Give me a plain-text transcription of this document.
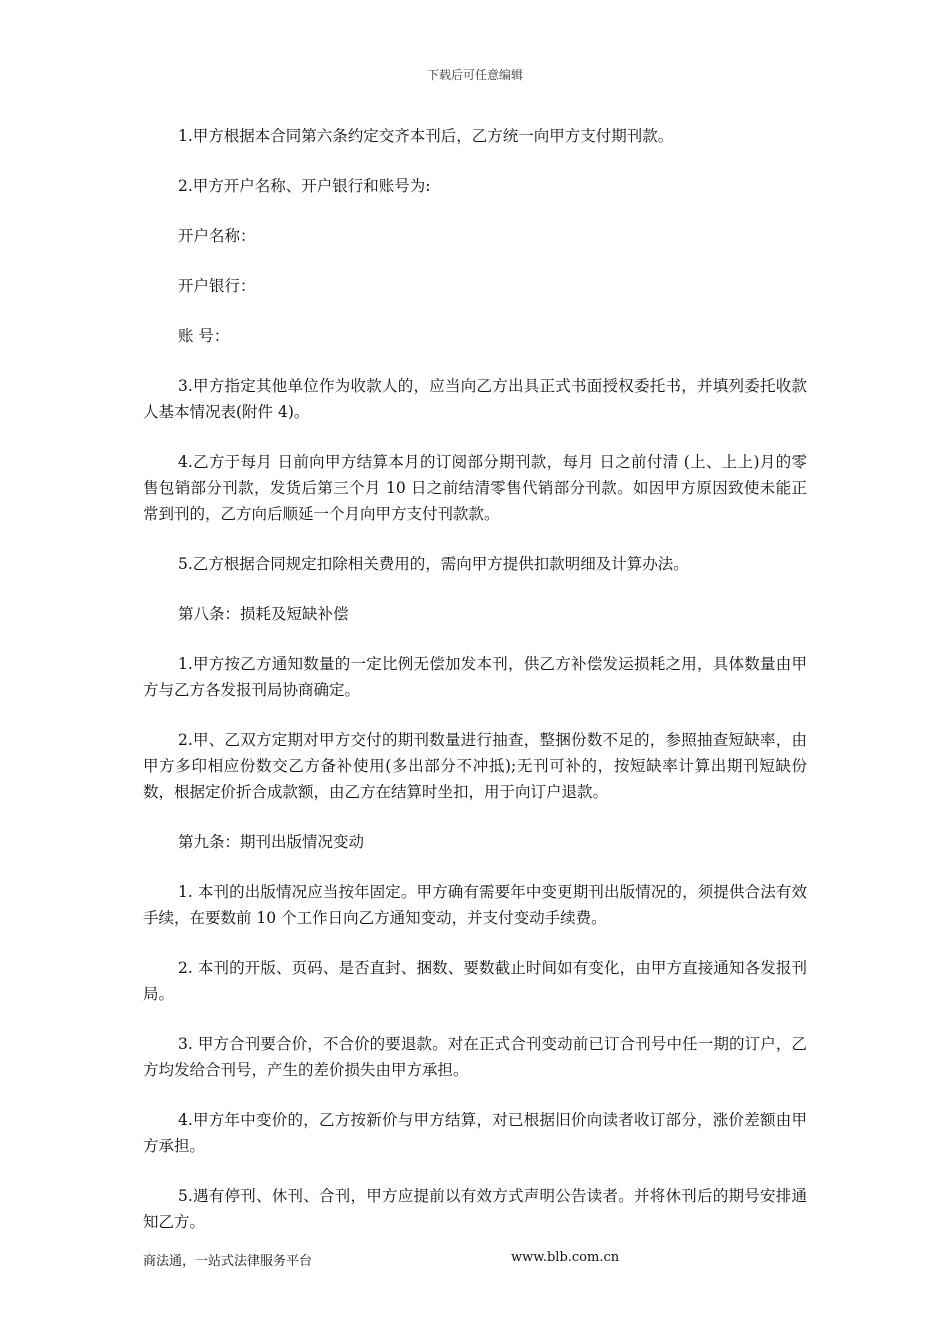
下载后可任意编辑

1.甲方根据本合同第六条约定交齐本刊后，乙方统一向甲方支付期刊款。

2.甲方开户名称、开户银行和账号为:

开户名称：

开户银行：

账 号：

3.甲方指定其他单位作为收款人的，应当向乙方出具正式书面授权委托书，并填列委托收款人基本情况表(附件 4)。

4.乙方于每月 日前向甲方结算本月的订阅部分期刊款，每月 日之前付清 (上、上上)月的零售包销部分刊款，发货后第三个月 10 日之前结清零售代销部分刊款。如因甲方原因致使未能正常到刊的，乙方向后顺延一个月向甲方支付刊款款。

5.乙方根据合同规定扣除相关费用的，需向甲方提供扣款明细及计算办法。

第八条：损耗及短缺补偿

1.甲方按乙方通知数量的一定比例无偿加发本刊，供乙方补偿发运损耗之用，具体数量由甲方与乙方各发报刊局协商确定。

2.甲、乙双方定期对甲方交付的期刊数量进行抽查，整捆份数不足的，参照抽查短缺率，由甲方多印相应份数交乙方备补使用(多出部分不冲抵);无刊可补的，按短缺率计算出期刊短缺份数，根据定价折合成款额，由乙方在结算时坐扣，用于向订户退款。

第九条：期刊出版情况变动

1. 本刊的出版情况应当按年固定。甲方确有需要年中变更期刊出版情况的，须提供合法有效手续，在要数前 10 个工作日向乙方通知变动，并支付变动手续费。

2. 本刊的开版、页码、是否直封、捆数、要数截止时间如有变化，由甲方直接通知各发报刊局。

3. 甲方合刊要合价，不合价的要退款。对在正式合刊变动前已订合刊号中任一期的订户，乙方均发给合刊号，产生的差价损失由甲方承担。

4.甲方年中变价的，乙方按新价与甲方结算，对已根据旧价向读者收订部分，涨价差额由甲方承担。

5.遇有停刊、休刊、合刊，甲方应提前以有效方式声明公告读者。并将休刊后的期号安排通知乙方。

商法通，一站式法律服务平台	www.blb.com.cn
